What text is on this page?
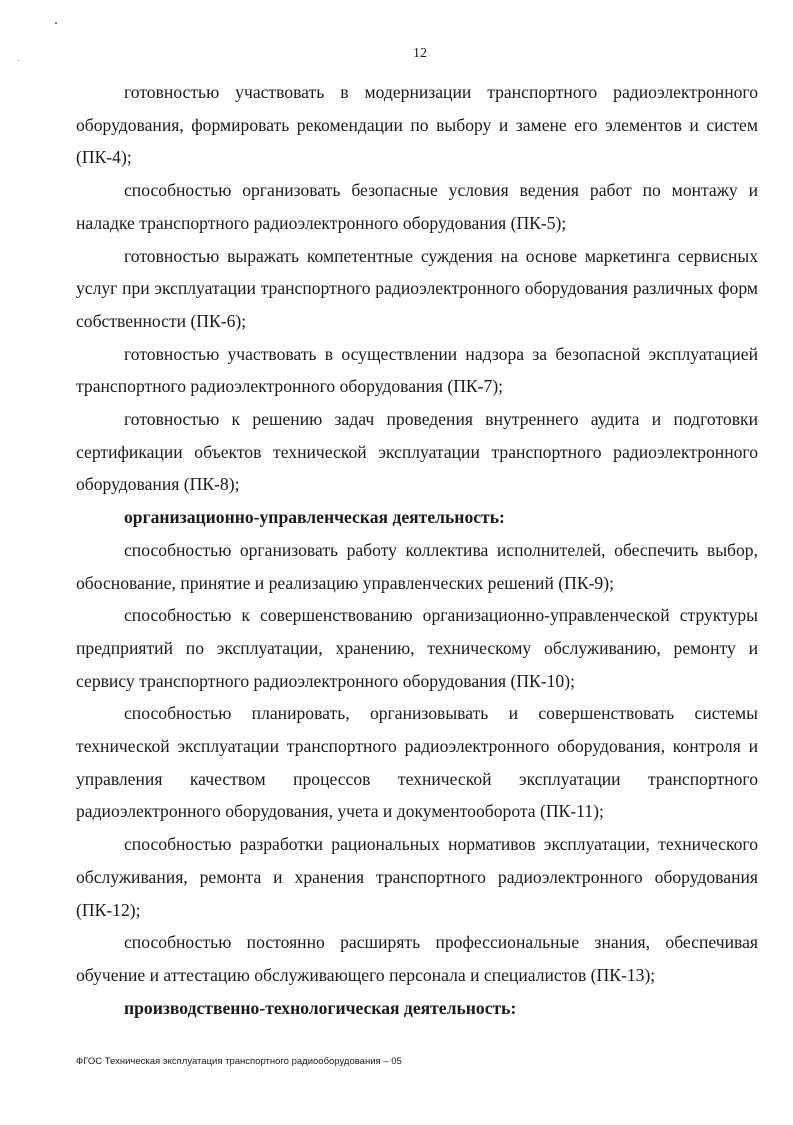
12

готовностью участвовать в модернизации транспортного радиоэлектронного оборудования, формировать рекомендации по выбору и замене его элементов и систем (ПК-4);

способностью организовать безопасные условия ведения работ по монтажу и наладке транспортного радиоэлектронного оборудования (ПК-5);

готовностью выражать компетентные суждения на основе маркетинга сервисных услуг при эксплуатации транспортного радиоэлектронного оборудования различных форм собственности (ПК-6);

готовностью участвовать в осуществлении надзора за безопасной эксплуатацией транспортного радиоэлектронного оборудования (ПК-7);

готовностью к решению задач проведения внутреннего аудита и подготовки сертификации объектов технической эксплуатации транспортного радиоэлектронного оборудования (ПК-8);

организационно-управленческая деятельность:

способностью организовать работу коллектива исполнителей, обеспечить выбор, обоснование, принятие и реализацию управленческих решений (ПК-9);

способностью к совершенствованию организационно-управленческой структуры предприятий по эксплуатации, хранению, техническому обслуживанию, ремонту и сервису транспортного радиоэлектронного оборудования (ПК-10);

способностью планировать, организовывать и совершенствовать системы технической эксплуатации транспортного радиоэлектронного оборудования, контроля и управления качеством процессов технической эксплуатации транспортного радиоэлектронного оборудования, учета и документооборота (ПК-11);

способностью разработки рациональных нормативов эксплуатации, технического обслуживания, ремонта и хранения транспортного радиоэлектронного оборудования (ПК-12);

способностью постоянно расширять профессиональные знания, обеспечивая обучение и аттестацию обслуживающего персонала и специалистов (ПК-13);

производственно-технологическая деятельность:

ФГОС Техническая эксплуатация транспортного радиооборудования – 05
